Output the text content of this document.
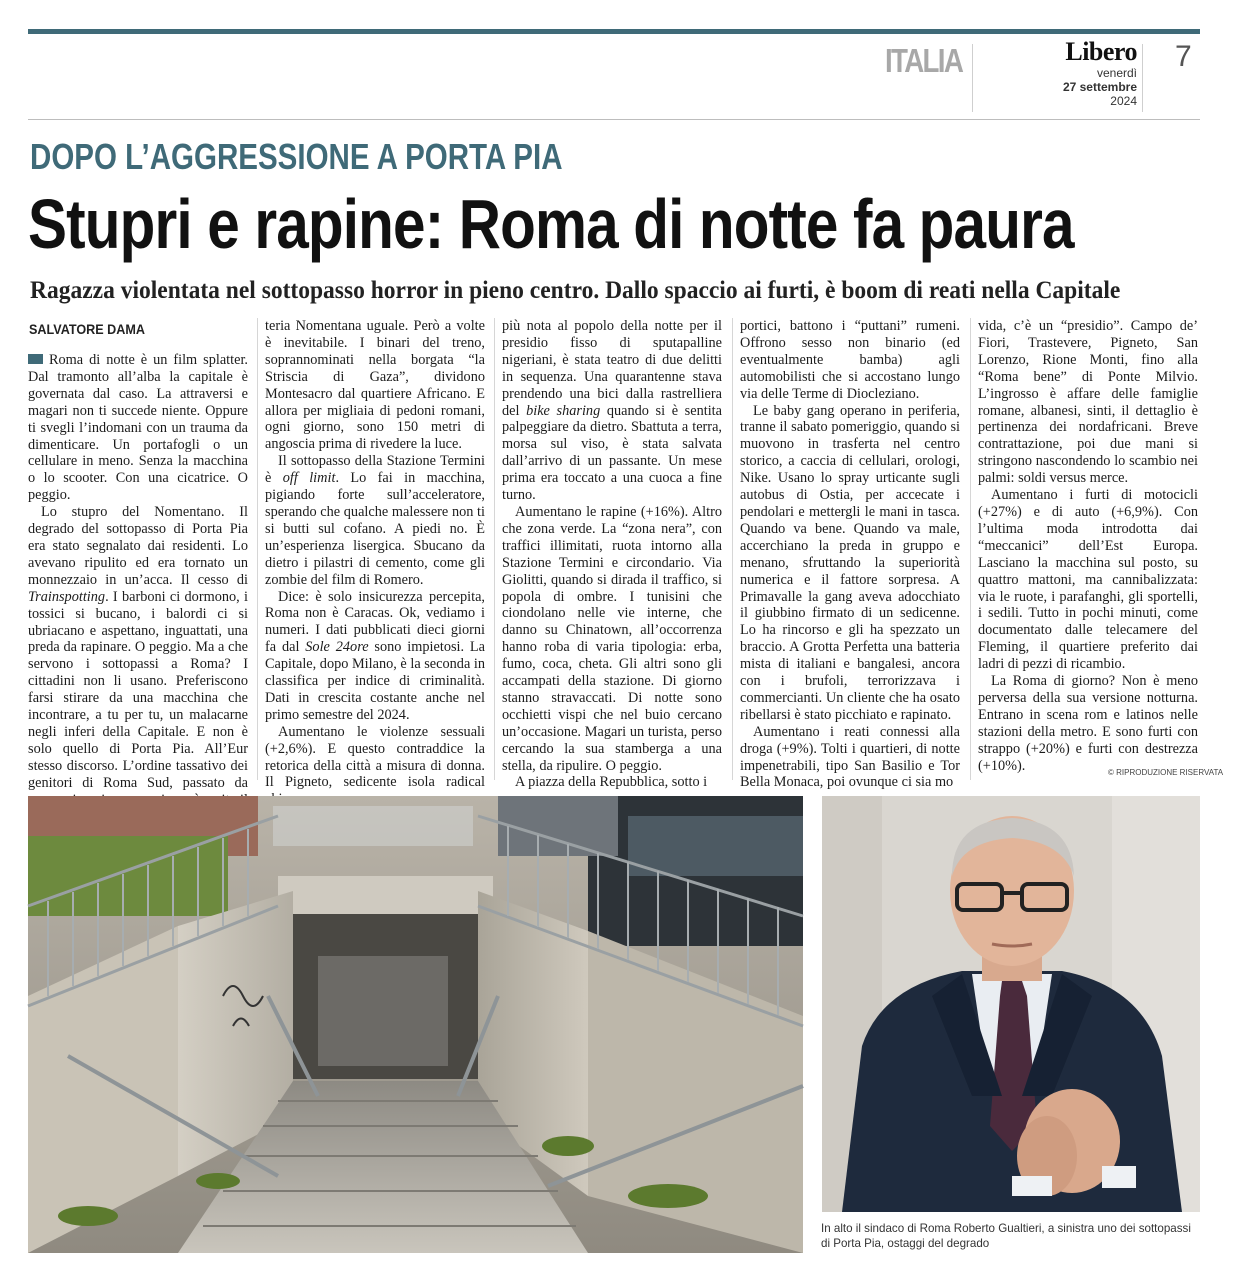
ITALIA	Libero
venerdì
27 settembre
2024
7
DOPO L’AGGRESSIONE A PORTA PIA
Stupri e rapine: Roma di notte fa paura
Ragazza violentata nel sottopasso horror in pieno centro. Dallo spaccio ai furti, è boom di reati nella Capitale
SALVATORE DAMA

Roma di notte è un film splatter. Dal tramonto all’alba la capitale è governata dal caso. La attraversi e magari non ti succede niente. Oppure ti svegli l’indomani con un trauma da dimenticare. Un portafogli o un cellulare in meno. Senza la macchina o lo scooter. Con una cicatrice. O peggio.

Lo stupro del Nomentano. Il degrado del sottopasso di Porta Pia era stato segnalato dai residenti. Lo avevano ripulito ed era tornato un monnezzaio in un’acca. Il cesso di Trainspotting. I barboni ci dormono, i tossici si bucano, i balordi ci si ubriacano e aspettano, inguattati, una preda da rapinare. O peggio. Ma a che servono i sottopassi a Roma? I cittadini non li usano. Preferiscono farsi stirare da una macchina che incontrare, a tu per tu, un malacarne negli inferi della Capitale. E non è solo quello di Porta Pia. All’Eur stesso discorso. L’ordine tassativo dei genitori di Roma Sud, passato da

teria Nomentana uguale. Però a volte è inevitabile. I binari del treno, soprannominati nella borgata “la Striscia di Gaza”, dividono Montesacro dal quartiere Africano. E allora per migliaia di pedoni romani, ogni giorno, sono 150 metri di angoscia prima di rivedere la luce.

Il sottopasso della Stazione Termini è off limit. Lo fai in macchina, pigiando forte sull’acceleratore, sperando che qualche malessere non ti si butti sul cofano. A piedi no. È un’esperienza lisergica. Sbucano da dietro i pilastri di cemento, come gli zombie del film di Romero.

Dice: è solo insicurezza percepita, Roma non è Caracas. Ok, vediamo i numeri. I dati pubblicati dieci giorni fa dal Sole 24ore sono impietosi. La Capitale, dopo Milano, è la seconda in classifica per indice di criminalità. Dati in crescita costante anche nel primo semestre del 2024.

Aumentano le violenze sessuali (+2,6%). E questo contraddice la retorica della città a misura di donna. Il Pigneto, sedicente isola radical

più nota al popolo della notte per il presidio fisso di sputapalline nigeriani, è stata teatro di due delitti in sequenza. Una quarantenne stava prendendo una bici dalla rastrelliera del bike sharing quando si è sentita palpeggiare da dietro. Sbattuta a terra, morsa sul viso, è stata salvata dall’arrivo di un passante. Un mese prima era toccato a una cuoca a fine turno.

Aumentano le rapine (+16%). Altro che zona verde. La “zona nera”, con traffici illimitati, ruota intorno alla Stazione Termini e circondario. Via Giolitti, quando si dirada il traffico, si popola di ombre. I tunisini che ciondolano nelle vie interne, che danno su Chinatown, all’occorrenza hanno roba di varia tipologia: erba, fumo, coca, cheta. Gli altri sono gli accampati della stazione. Di giorno stanno stravaccati. Di notte sono occhietti vispi che nel buio cercano un’occasione. Magari un turista, perso cercando la sua stamberga a una stella, da ripulire. O peggio.

A piazza della Repubblica, sotto i

portici, battono i “puttani” rumeni. Offrono sesso non binario (ed eventualmente bamba) agli automobilisti che si accostano lungo via delle Terme di Diocleziano.

Le baby gang operano in periferia, tranne il sabato pomeriggio, quando si muovono in trasferta nel centro storico, a caccia di cellulari, orologi, Nike. Usano lo spray urticante sugli autobus di Ostia, per accecate i pendolari e mettergli le mani in tasca. Quando va bene. Quando va male, accerchiano la preda in gruppo e menano, sfruttando la superiorità numerica e il fattore sorpresa. A Primavalle la gang aveva adocchiato il giubbino firmato di un sedicenne. Lo ha rincorso e gli ha spezzato un braccio. A Grotta Perfetta una batteria mista di italiani e bangalesi, ancora con i brufoli, terrorizzava i commercianti. Un cliente che ha osato ribellarsi è stato picchiato e rapinato.

Aumentano i reati connessi alla droga (+9%). Tolti i quartieri, di notte impenetrabili, tipo San Basilio e Tor Bella Monaca, poi ovunque ci sia mo

vida, c’è un “presidio”. Campo de’ Fiori, Trastevere, Pigneto, San Lorenzo, Rione Monti, fino alla “Roma bene” di Ponte Milvio. L’ingrosso è affare delle famiglie romane, albanesi, sinti, il dettaglio è pertinenza dei nordafricani. Breve contrattazione, poi due mani si stringono nascondendo lo scambio nei palmi: soldi versus merce.

Aumentano i furti di motocicli (+27%) e di auto (+6,9%). Con l’ultima moda introdotta dai “meccanici” dell’Est Europa. Lasciano la macchina sul posto, su quattro mattoni, ma cannibalizzata: via le ruote, i parafanghi, gli sportelli, i sedili. Tutto in pochi minuti, come documentato dalle telecamere del Fleming, il quartiere preferito dai ladri di pezzi di ricambio.

La Roma di giorno? Non è meno perversa della sua versione notturna. Entrano in scena rom e latinos nelle stazioni della metro. E sono furti con strappo (+20%) e furti con destrezza (+10%).	© RIPRODUZIONE RISERVATA
In alto il sindaco di Roma Roberto Gualtieri, a sinistra uno dei sottopassi di Porta Pia, ostaggi del degrado
